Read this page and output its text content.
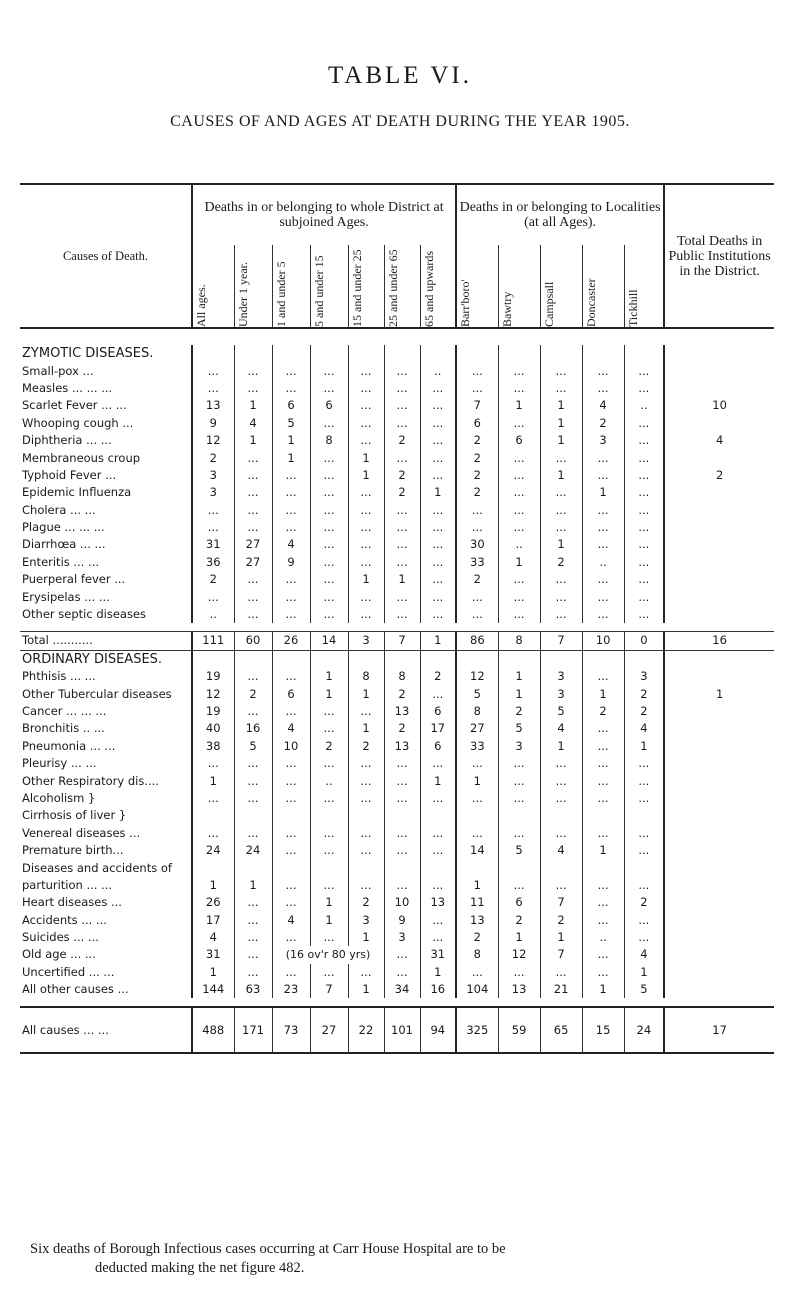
TABLE VI.
CAUSES OF AND AGES AT DEATH DURING THE YEAR 1905.
Causes of Death.	Deaths in or belonging to whole District at subjoined Ages.							Deaths in or belonging to Localities (at all Ages).					Total Deaths in Public Institutions in the District.

	All ages.	Under 1 year.	1 and under 5	5 and under 15	15 and under 25	25 and under 65	65 and upwards	Barr'boro'	Bawtry	Campsall	Doncaster	Tickhill	

ZYMOTIC DISEASES.													
Small-pox ...	...	...	...	...	...	...	..	...	...	...	...	...	
Measles ... ... ...	...	...	...	...	...	...	...	...	...	...	...	...	
Scarlet Fever ... ...	13	1	6	6	...	...	...	7	1	1	4	..	10
Whooping cough ...	9	4	5	...	...	...	...	6	...	1	2	...	
Diphtheria ... ...	12	1	1	8	...	2	...	2	6	1	3	...	4
Membraneous croup	2	...	1	...	1	...	...	2	...	...	...	...	
Typhoid Fever ...	3	...	...	...	1	2	...	2	...	1	...	...	2
Epidemic Influenza	3	...	...	...	...	2	1	2	...	...	1	...	
Cholera ... ...	...	...	...	...	...	...	...	...	...	...	...	...	
Plague ... ... ...	...	...	...	...	...	...	...	...	...	...	...	...	
Diarrhœa ... ...	31	27	4	...	...	...	...	30	..	1	...	...	
Enteritis ... ...	36	27	9	...	...	...	...	33	1	2	..	...	
Puerperal fever ...	2	...	...	...	1	1	...	2	...	...	...	...	
Erysipelas ... ...	...	...	...	...	...	...	...	...	...	...	...	...	
Other septic diseases	..	...	...	...	...	...	...	...	...	...	...	...	

Total ...........	111	60	26	14	3	7	1	86	8	7	10	0	16
ORDINARY DISEASES.													
Phthisis ... ...	19	...	...	1	8	8	2	12	1	3	...	3	
Other Tubercular diseases	12	2	6	1	1	2	...	5	1	3	1	2	1
Cancer ... ... ...	19	...	...	...	...	13	6	8	2	5	2	2	
Bronchitis .. ...	40	16	4	...	1	2	17	27	5	4	...	4	
Pneumonia ... ...	38	5	10	2	2	13	6	33	3	1	...	1	
Pleurisy ... ...	...	...	...	...	...	...	...	...	...	...	...	...	
Other Respiratory dis....	1	...	...	..	...	...	1	1	...	...	...	...	
Alcoholism }	...	...	...	...	...	...	...	...	...	...	...	...	
Cirrhosis of liver }													
Venereal diseases ...	...	...	...	...	...	...	...	...	...	...	...	...	
Premature birth...	24	24	...	...	...	...	...	14	5	4	1	...	
Diseases and accidents of													
parturition ... ...	1	1	...	...	...	...	...	1	...	...	...	...	
Heart diseases ...	26	...	...	1	2	10	13	11	6	7	...	2	
Accidents ... ...	17	...	4	1	3	9	...	13	2	2	...	...	
Suicides ... ...	4	...	...	...	1	3	...	2	1	1	..	...	
Old age ... ...	31	...	(16 ov'r 80 yrs)			...	31	8	12	7	...	4	
Uncertified ... ...	1	...	...	...	...	...	1	...	...	...	...	1	
All other causes ...	144	63	23	7	1	34	16	104	13	21	1	5	

All causes ... ...	488	171	73	27	22	101	94	325	59	65	15	24	17
Six deaths of Borough Infectious cases occurring at Carr House Hospital are to be
deducted making the net figure 482.
